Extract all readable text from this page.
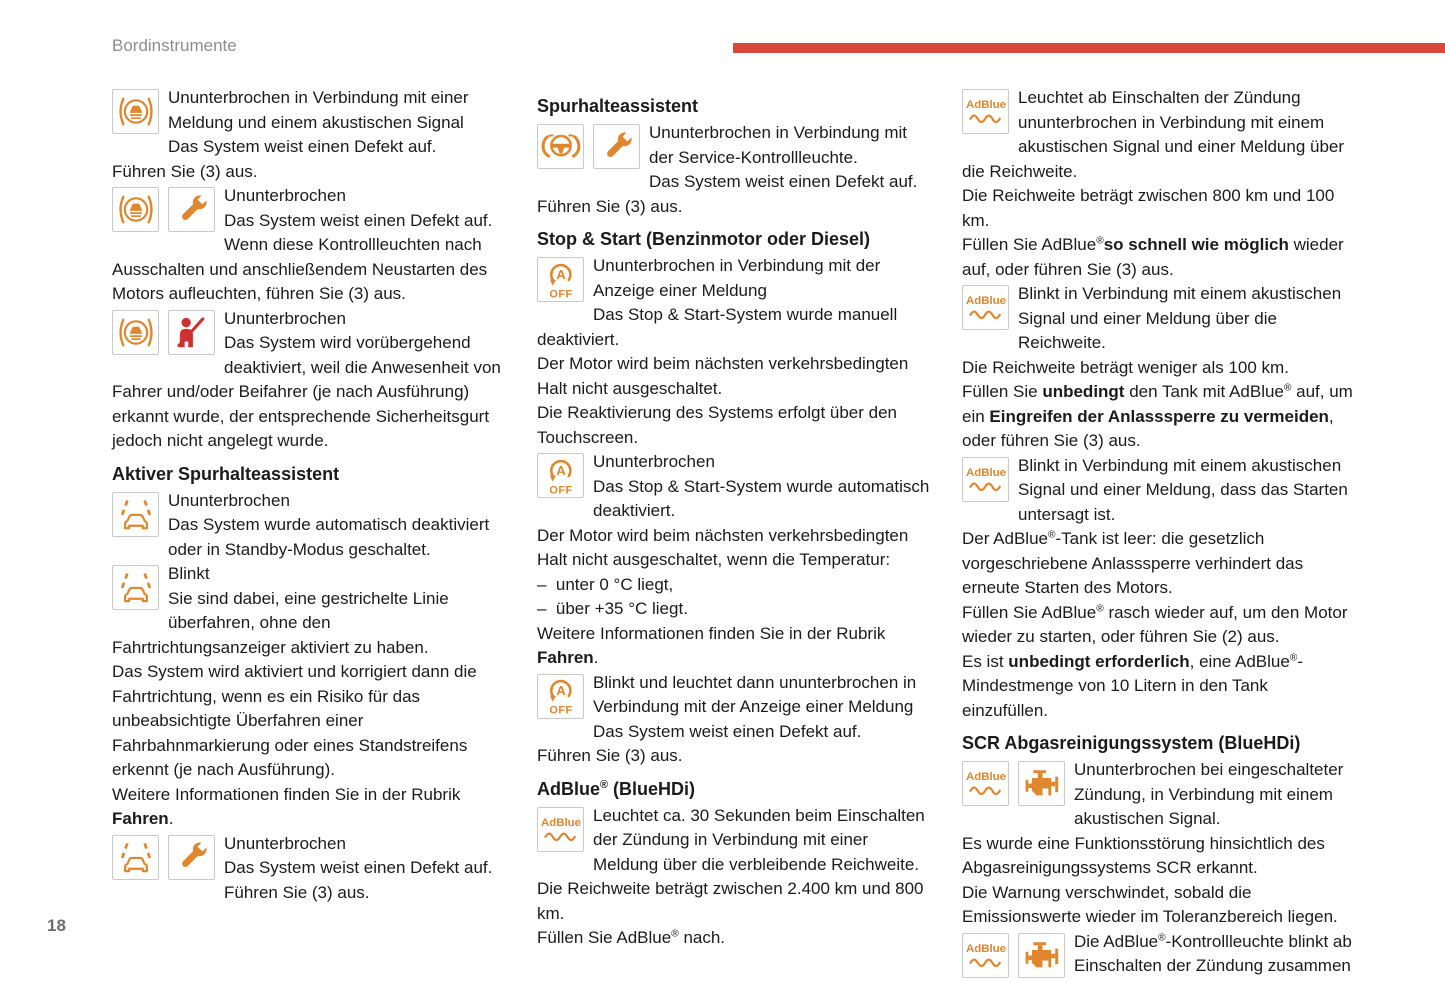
Bordinstrumente
Ununterbrochen in Verbindung mit einer Meldung und einem akustischen Signal
Das System weist einen Defekt auf.
Führen Sie (3) aus.
Ununterbrochen
Das System weist einen Defekt auf.
Wenn diese Kontrollleuchten nach Ausschalten und anschließendem Neustarten des Motors aufleuchten, führen Sie (3) aus.
Ununterbrochen
Das System wird vorübergehend deaktiviert, weil die Anwesenheit von Fahrer und/oder Beifahrer (je nach Ausführung) erkannt wurde, der entsprechende Sicherheitsgurt jedoch nicht angelegt wurde.
Aktiver Spurhalteassistent
Ununterbrochen
Das System wurde automatisch deaktiviert oder in Standby-Modus geschaltet.
Blinkt
Sie sind dabei, eine gestrichelte Linie überfahren, ohne den Fahrtrichtungsanzeiger aktiviert zu haben.
Das System wird aktiviert und korrigiert dann die Fahrtrichtung, wenn es ein Risiko für das unbeabsichtigte Überfahren einer Fahrbahnmarkierung oder eines Standstreifens erkennt (je nach Ausführung).
Weitere Informationen finden Sie in der Rubrik Fahren.
Ununterbrochen
Das System weist einen Defekt auf.
Führen Sie (3) aus.
Spurhalteassistent
Ununterbrochen in Verbindung mit der Service-Kontrollleuchte.
Das System weist einen Defekt auf.
Führen Sie (3) aus.
Stop & Start (Benzinmotor oder Diesel)
A
OFF
Ununterbrochen in Verbindung mit der Anzeige einer Meldung
Das Stop & Start-System wurde manuell deaktiviert.
Der Motor wird beim nächsten verkehrsbedingten Halt nicht ausgeschaltet.
Die Reaktivierung des Systems erfolgt über den Touchscreen.
A
OFF
Ununterbrochen
Das Stop & Start-System wurde automatisch deaktiviert.
Der Motor wird beim nächsten verkehrsbedingten Halt nicht ausgeschaltet, wenn die Temperatur:
–  unter 0 °C liegt,
–  über +35 °C liegt.
Weitere Informationen finden Sie in der Rubrik Fahren.
A
OFF
Blinkt und leuchtet dann ununterbrochen in Verbindung mit der Anzeige einer Meldung
Das System weist einen Defekt auf.
Führen Sie (3) aus.
AdBlue® (BlueHDi)
AdBlue Leuchtet ca. 30 Sekunden beim Einschalten der Zündung in Verbindung mit einer Meldung über die verbleibende Reichweite.
Die Reichweite beträgt zwischen 2.400 km und 800 km.
Füllen Sie AdBlue® nach.
AdBlue Leuchtet ab Einschalten der Zündung ununterbrochen in Verbindung mit einem akustischen Signal und einer Meldung über die Reichweite.
Die Reichweite beträgt zwischen 800 km und 100 km.
Füllen Sie AdBlue®so schnell wie möglich wieder auf, oder führen Sie (3) aus.
AdBlue Blinkt in Verbindung mit einem akustischen Signal und einer Meldung über die Reichweite.
Die Reichweite beträgt weniger als 100 km.
Füllen Sie unbedingt den Tank mit AdBlue® auf, um ein Eingreifen der Anlasssperre zu vermeiden, oder führen Sie (3) aus.
AdBlue Blinkt in Verbindung mit einem akustischen Signal und einer Meldung, dass das Starten untersagt ist.
Der AdBlue®-Tank ist leer: die gesetzlich vorgeschriebene Anlasssperre verhindert das erneute Starten des Motors.
Füllen Sie AdBlue® rasch wieder auf, um den Motor wieder zu starten, oder führen Sie (2) aus.
Es ist unbedingt erforderlich, eine AdBlue®-Mindestmenge von 10 Litern in den Tank einzufüllen.
SCR Abgasreinigungssystem (BlueHDi)
AdBlue	Ununterbrochen bei eingeschalteter Zündung, in Verbindung mit einem akustischen Signal.
Es wurde eine Funktionsstörung hinsichtlich des Abgasreinigungssystems SCR erkannt.
Die Warnung verschwindet, sobald die Emissionswerte wieder im Toleranzbereich liegen.
AdBlue	Die AdBlue®-Kontrollleuchte blinkt ab Einschalten der Zündung zusammen
18
